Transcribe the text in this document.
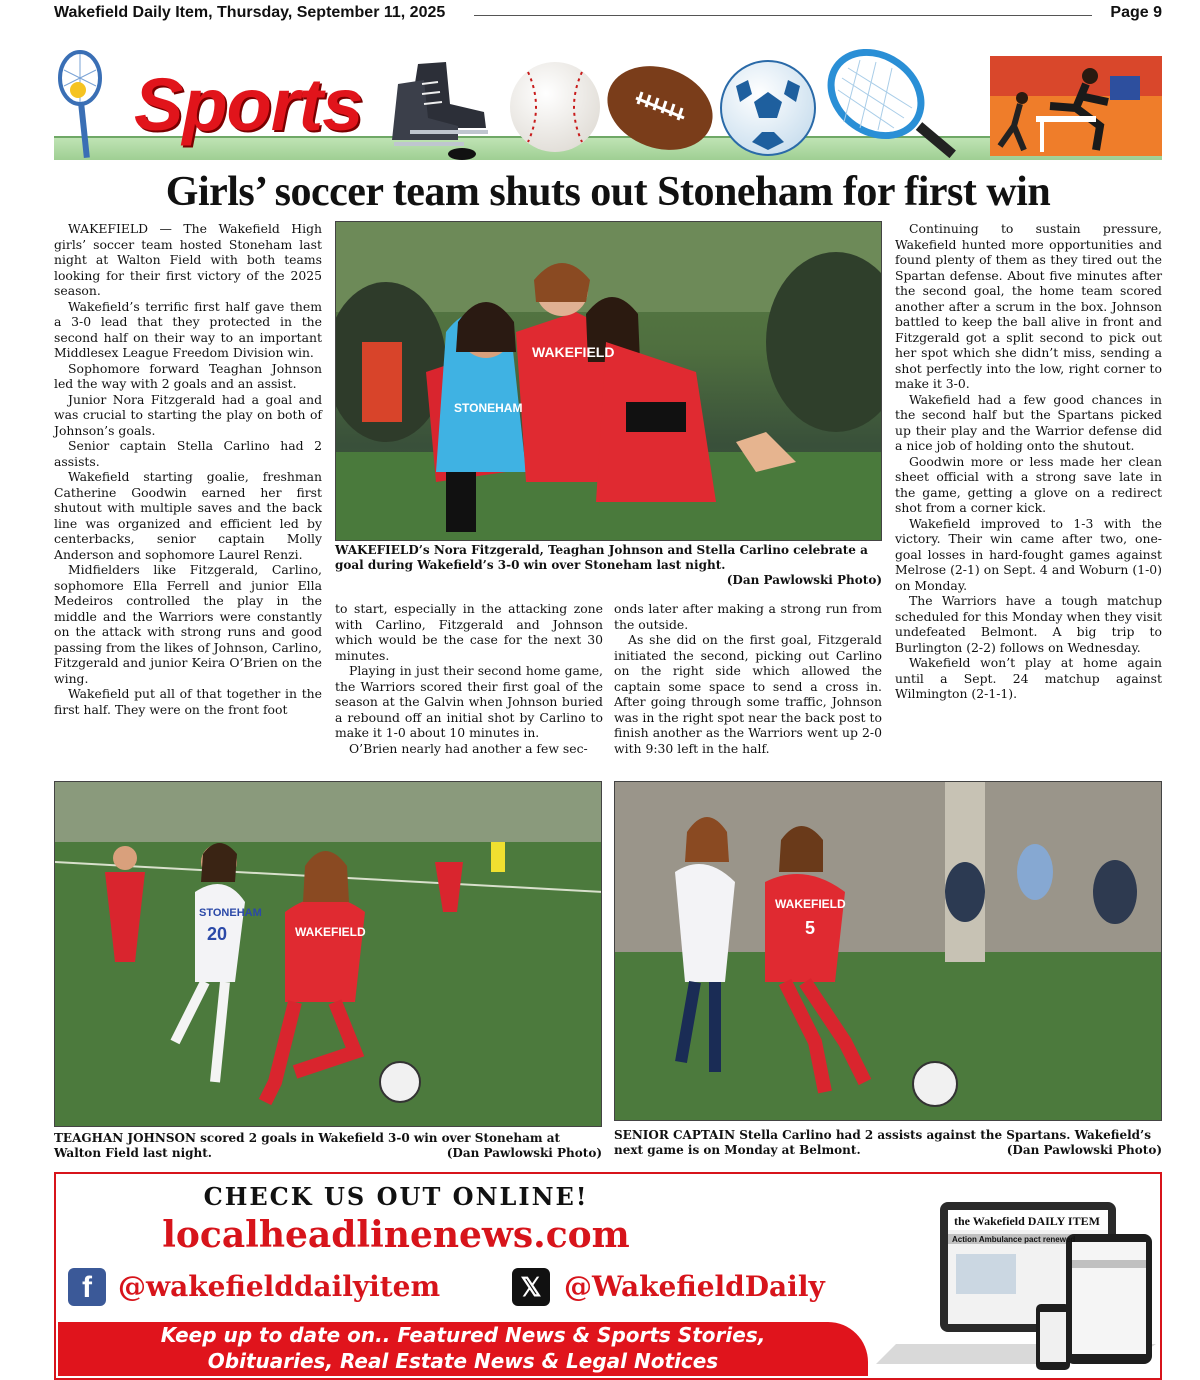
Wakefield Daily Item, Thursday, September 11, 2025	Page 9
Sports
Girls’ soccer team shuts out Stoneham for first win

WAKEFIELD — The Wakefield High girls’ soccer team hosted Stoneham last night at Walton Field with both teams looking for their first victory of the 2025 season.

Wakefield’s terrific first half gave them a 3-0 lead that they protected in the second half on their way to an important Middlesex League Freedom Division win.

Sophomore forward Teaghan Johnson led the way with 2 goals and an assist.

Junior Nora Fitzgerald had a goal and was crucial to starting the play on both of Johnson’s goals.

Senior captain Stella Carlino had 2 assists.

Wakefield starting goalie, freshman Catherine Goodwin earned her first shutout with multiple saves and the back line was organized and efficient led by centerbacks, senior captain Molly Anderson and sophomore Laurel Renzi.

Midfielders like Fitzgerald, Carlino, sophomore Ella Ferrell and junior Ella Medeiros controlled the play in the middle and the Warriors were constantly on the attack with strong runs and good passing from the likes of Johnson, Carlino, Fitzgerald and junior Keira O’Brien on the wing.

Wakefield put all of that together in the first half. They were on the front foot

WAKEFIELD
STONEHAM
WAKEFIELD’s Nora Fitzgerald, Teaghan Johnson and Stella Carlino celebrate a goal during Wakefield’s 3-0 win over Stoneham last night.
(Dan Pawlowski Photo)

to start, especially in the attacking zone with Carlino, Fitzgerald and Johnson which would be the case for the next 30 minutes.

Playing in just their second home game, the Warriors scored their first goal of the season at the Galvin when Johnson buried a rebound off an initial shot by Carlino to make it 1-0 about 10 minutes in.

O’Brien nearly had another a few sec-

onds later after making a strong run from the outside.

As she did on the first goal, Fitzgerald initiated the second, picking out Carlino on the right side which allowed the captain some space to send a cross in. After going through some traffic, Johnson was in the right spot near the back post to finish another as the Warriors went up 2-0 with 9:30 left in the half.

Continuing to sustain pressure, Wakefield hunted more opportunities and found plenty of them as they tired out the Spartan defense. About five minutes after the second goal, the home team scored another after a scrum in the box. Johnson battled to keep the ball alive in front and Fitzgerald got a split second to pick out her spot which she didn’t miss, sending a shot perfectly into the low, right corner to make it 3-0.

Wakefield had a few good chances in the second half but the Spartans picked up their play and the Warrior defense did a nice job of holding onto the shutout.

Goodwin more or less made her clean sheet official with a strong save late in the game, getting a glove on a redirect shot from a corner kick.

Wakefield improved to 1-3 with the victory. Their win came after two, one-goal losses in hard-fought games against Melrose (2-1) on Sept. 4 and Woburn (1-0) on Monday.

The Warriors have a tough matchup scheduled for this Monday when they visit undefeated Belmont. A big trip to Burlington (2-2) follows on Wednesday.

Wakefield won’t play at home again until a Sept. 24 matchup against Wilmington (2-1-1).

STONEHAM
20	WAKEFIELD
TEAGHAN JOHNSON scored 2 goals in Wakefield 3-0 win over Stoneham at Walton Field last night.	(Dan Pawlowski Photo)
WAKEFIELD
5
SENIOR CAPTAIN Stella Carlino had 2 assists against the Spartans. Wakefield’s next game is on Monday at Belmont.	(Dan Pawlowski Photo)
CHECK US OUT ONLINE!
localheadlinenews.com
f @wakefielddailyitem	𝕏 @WakefieldDaily
Keep up to date on.. Featured News & Sports Stories,
Obituaries, Real Estate News & Legal Notices
the Wakefield DAILY ITEM
Action Ambulance pact renewed
